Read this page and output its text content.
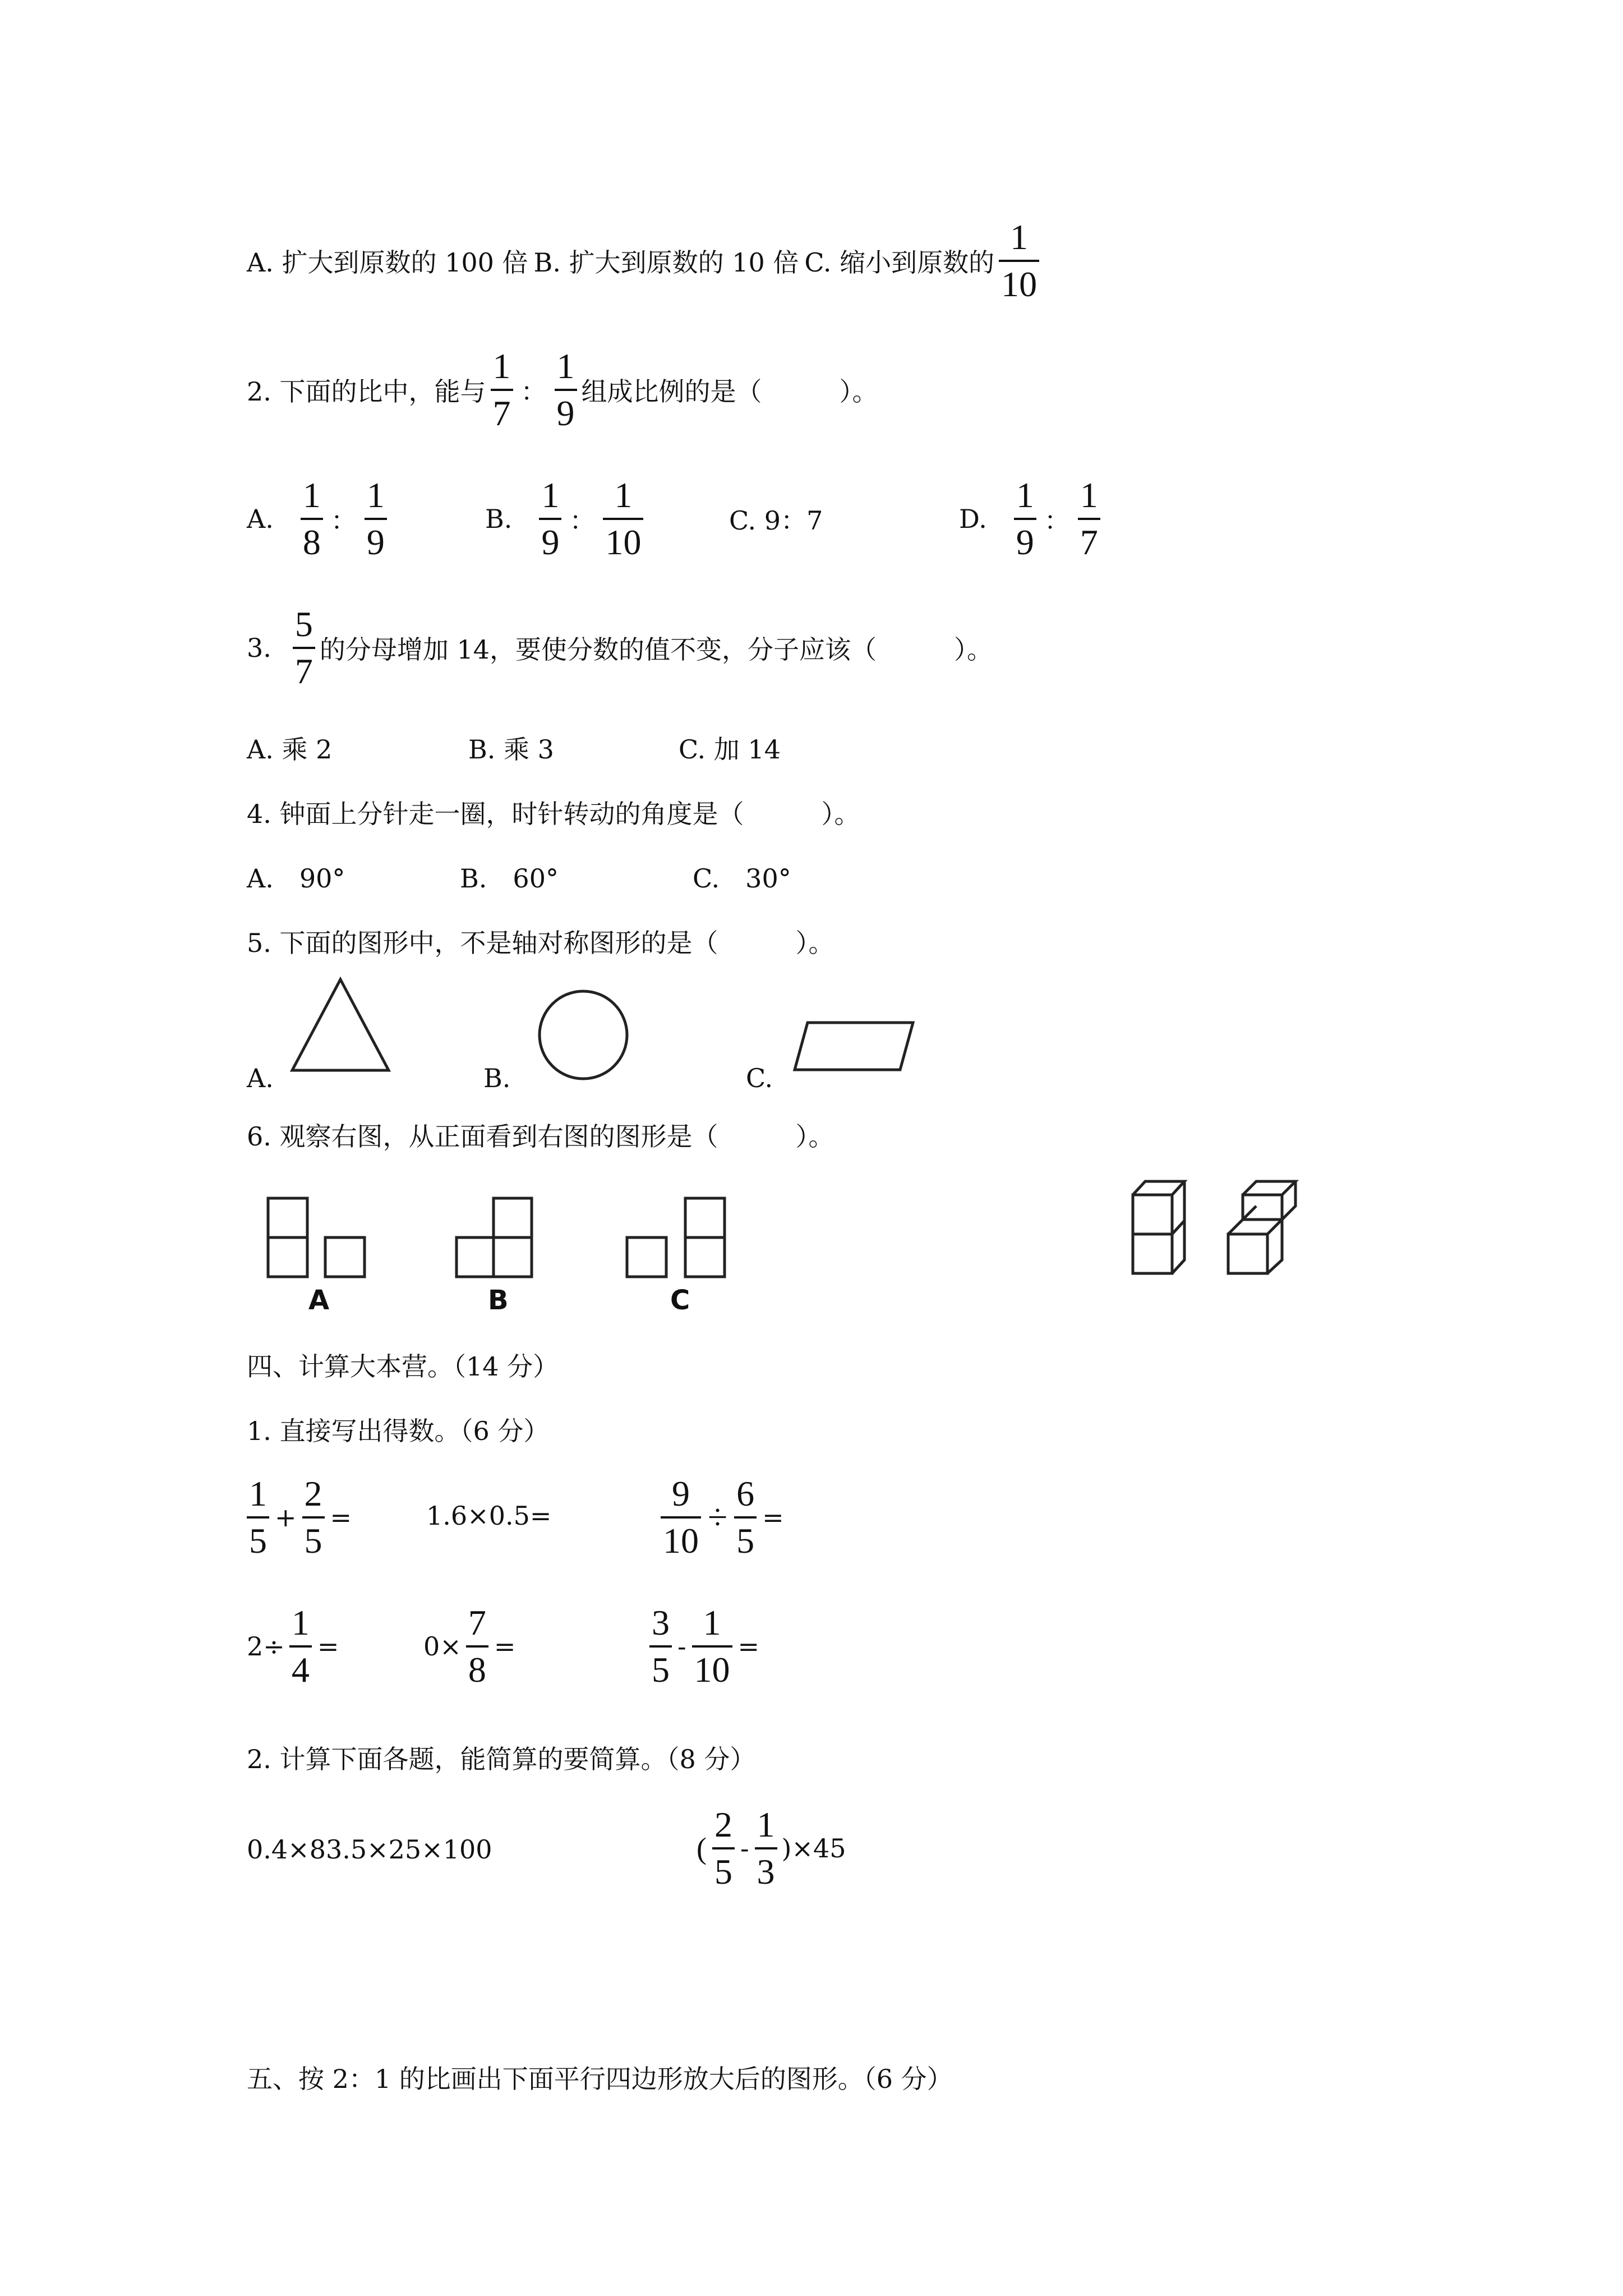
A. 扩大到原数的 100 倍 B. 扩大到原数的 10 倍 C. 缩小到原数的 $\frac{1}{10}$
2. 下面的比中，能与 $\frac{1}{7}$ ： $\frac{1}{9}$ 组成比例的是（　　　）。
A. $\frac{1}{8}$ ： $\frac{1}{9}$	B. $\frac{1}{9}$ ： $\frac{1}{10}$	C. 9：7	D. $\frac{1}{9}$ ： $\frac{1}{7}$
3. $\frac{5}{7}$ 的分母增加 14，要使分数的值不变，分子应该（　　　）。
A. 乘 2	B. 乘 3	C. 加 14
4. 钟面上分针走一圈，时针转动的角度是（　　　）。
A.　90°	B.　60°	C.　30°
5. 下面的图形中，不是轴对称图形的是（　　　）。
A.	B.	C.
6. 观察右图，从正面看到右图的图形是（　　　）。
A	B	C
四、计算大本营。（14 分）
1. 直接写出得数。（6 分）
$\frac{1}{5} + \frac{2}{5}$ =	1.6×0.5=	$\frac{9}{10} \div \frac{6}{5}$ =
$2\div \frac{1}{4}$ =	$0\times \frac{7}{8}$ =	$\frac{3}{5} - \frac{1}{10}$ =
2. 计算下面各题，能简算的要简算。（8 分）
0.4×83.5×25×100	( $\frac{2}{5} - \frac{1}{3} )\times 45$
五、按 2：1 的比画出下面平行四边形放大后的图形。（6 分）
